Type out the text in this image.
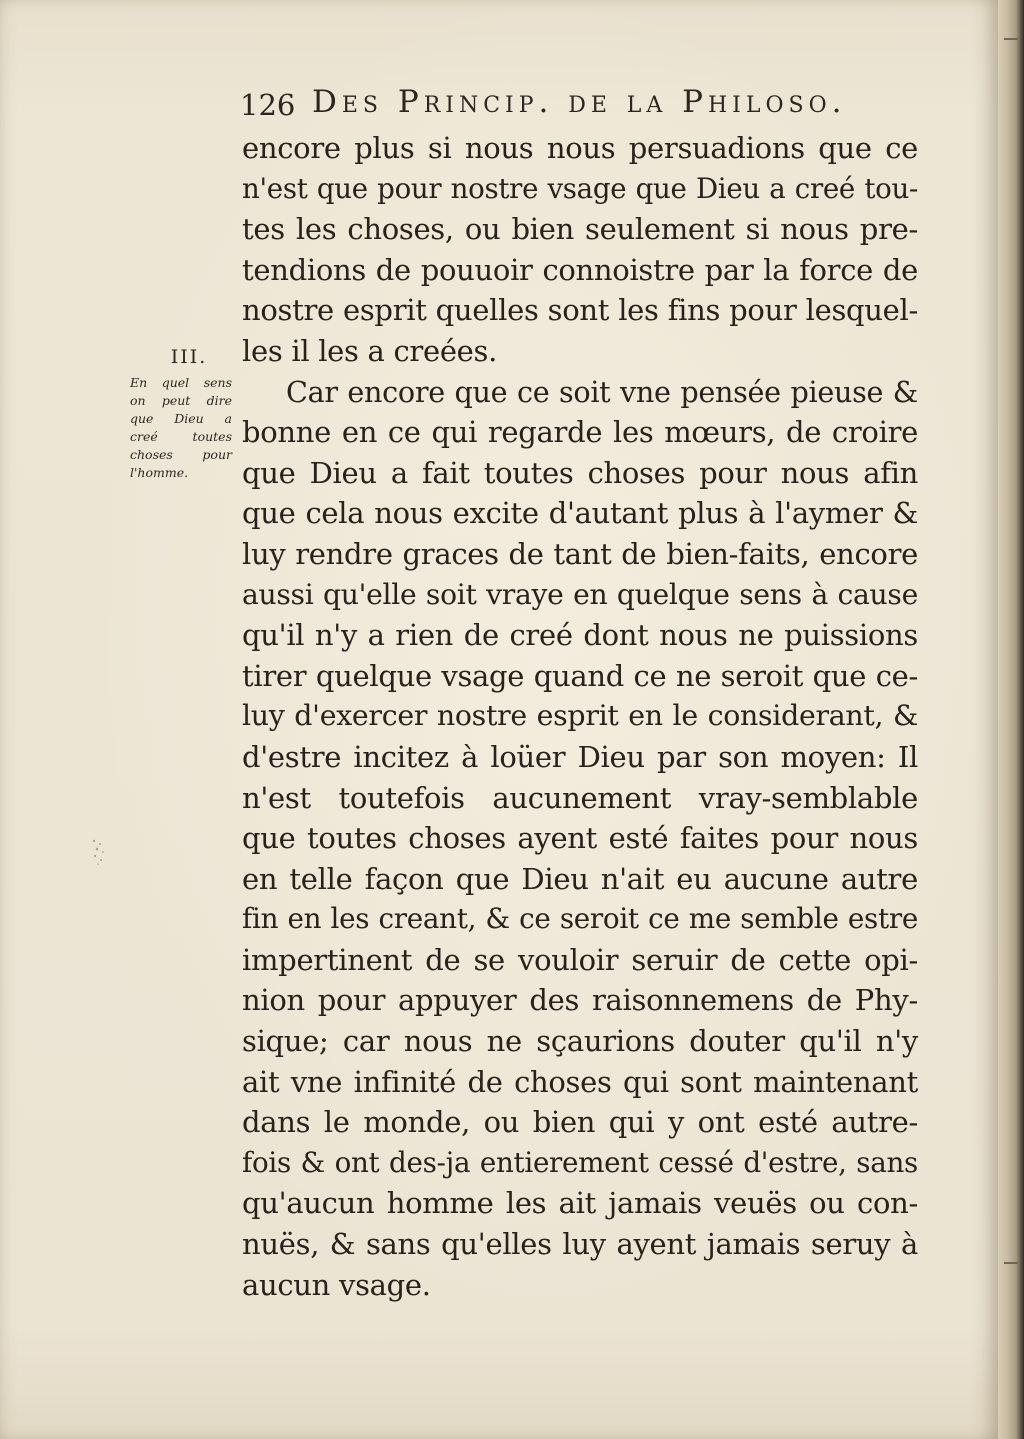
126 Des Princip. de la Philoso.
III.
En quel sens
on peut dire
que Dieu a
creé toutes
choses pour
l'homme.
encore plus si nous nous persuadions que ce
n'est que pour nostre vsage que Dieu a creé tou-
tes les choses, ou bien seulement si nous pre-
tendions de pouuoir connoistre par la force de
nostre esprit quelles sont les fins pour lesquel-
les il les a creées.
Car encore que ce soit vne pensée pieuse &
bonne en ce qui regarde les mœurs, de croire
que Dieu a fait toutes choses pour nous afin
que cela nous excite d'autant plus à l'aymer &
luy rendre graces de tant de bien-faits, encore
aussi qu'elle soit vraye en quelque sens à cause
qu'il n'y a rien de creé dont nous ne puissions
tirer quelque vsage quand ce ne seroit que ce-
luy d'exercer nostre esprit en le considerant, &
d'estre incitez à loüer Dieu par son moyen: Il
n'est toutefois aucunement vray-semblable
que toutes choses ayent esté faites pour nous
en telle façon que Dieu n'ait eu aucune autre
fin en les creant, & ce seroit ce me semble estre
impertinent de se vouloir seruir de cette opi-
nion pour appuyer des raisonnemens de Phy-
sique; car nous ne sçaurions douter qu'il n'y
ait vne infinité de choses qui sont maintenant
dans le monde, ou bien qui y ont esté autre-
fois & ont des-ja entierement cessé d'estre, sans
qu'aucun homme les ait jamais veuës ou con-
nuës, & sans qu'elles luy ayent jamais seruy à
aucun vsage.
